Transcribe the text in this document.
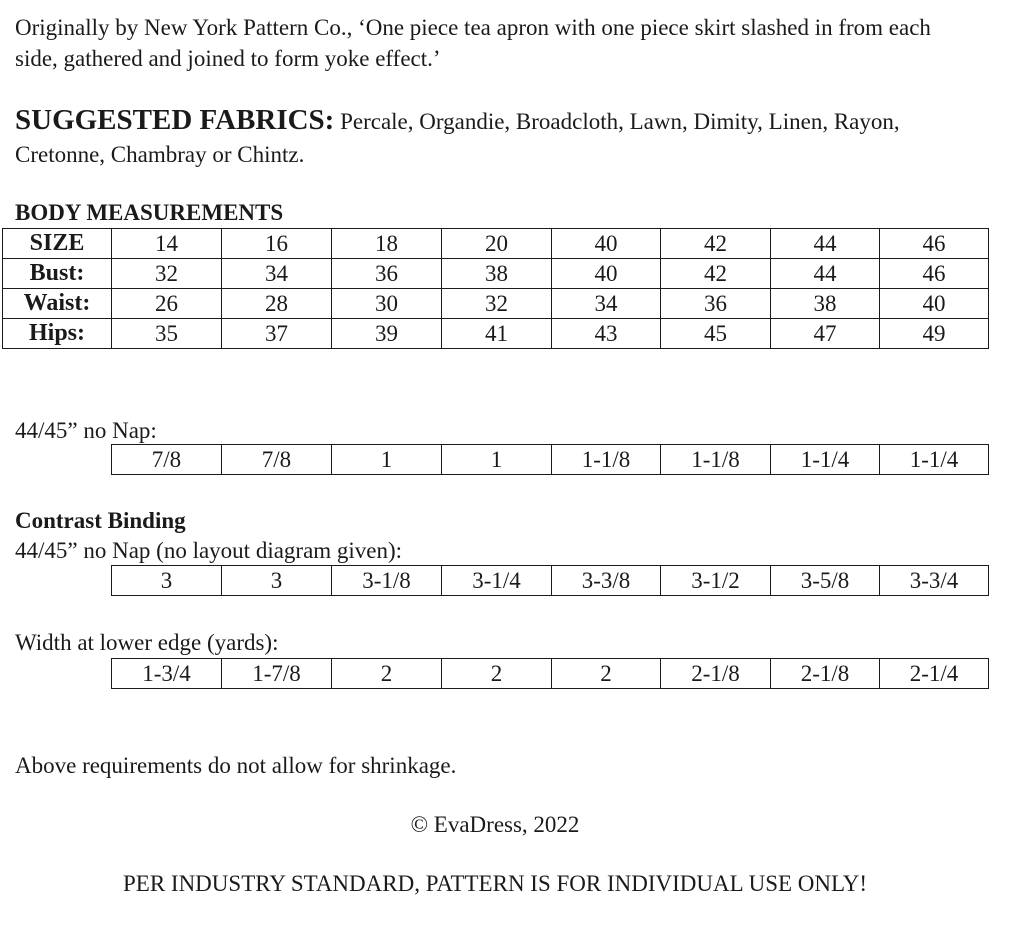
Originally by New York Pattern Co., ‘One piece tea apron with one piece skirt slashed in from each side, gathered and joined to form yoke effect.’
SUGGESTED FABRICS: Percale, Organdie, Broadcloth, Lawn, Dimity, Linen, Rayon, Cretonne, Chambray or Chintz.
BODY MEASUREMENTS
SIZE	14	16	18	20	40	42	44	46
Bust:	32	34	36	38	40	42	44	46
Waist:	26	28	30	32	34	36	38	40
Hips:	35	37	39	41	43	45	47	49
44/45” no Nap:
7/8	7/8	1	1	1-1/8	1-1/8	1-1/4	1-1/4
Contrast Binding
44/45” no Nap (no layout diagram given):
3	3	3-1/8	3-1/4	3-3/8	3-1/2	3-5/8	3-3/4
Width at lower edge (yards):
1-3/4	1-7/8	2	2	2	2-1/8	2-1/8	2-1/4
Above requirements do not allow for shrinkage.
© EvaDress, 2022
PER INDUSTRY STANDARD, PATTERN IS FOR INDIVIDUAL USE ONLY!
